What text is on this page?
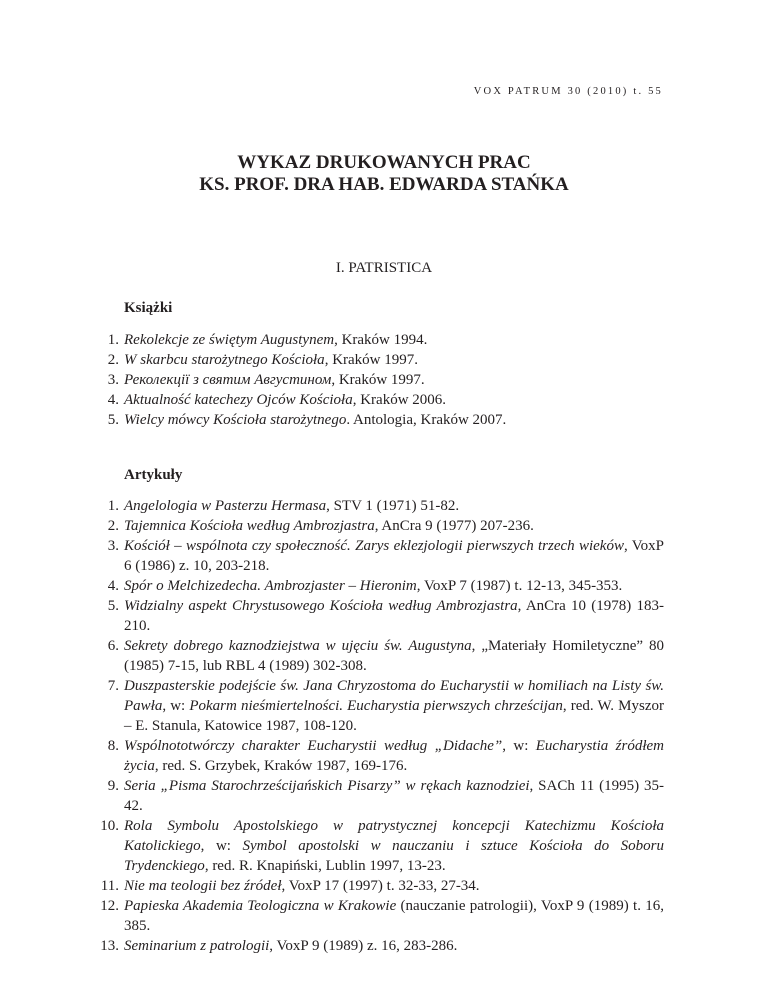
VOX PATRUM 30 (2010) t. 55
WYKAZ DRUKOWANYCH PRAC
KS. PROF. DRA HAB. EDWARDA STAŃKA
I. PATRISTICA
Książki
1. Rekolekcje ze świętym Augustynem, Kraków 1994.
2. W skarbcu starożytnego Kościoła, Kraków 1997.
3. Реколекції з святим Августином, Kraków 1997.
4. Aktualność katechezy Ojców Kościoła, Kraków 2006.
5. Wielcy mówcy Kościoła starożytnego. Antologia, Kraków 2007.
Artykuły
1. Angelologia w Pasterzu Hermasa, STV 1 (1971) 51-82.
2. Tajemnica Kościoła według Ambrozjastra, AnCra 9 (1977) 207-236.
3. Kościół – wspólnota czy społeczność. Zarys eklezjologii pierwszych trzech wieków, VoxP 6 (1986) z. 10, 203-218.
4. Spór o Melchizedecha. Ambrozjaster – Hieronim, VoxP 7 (1987) t. 12-13, 345-353.
5. Widzialny aspekt Chrystusowego Kościoła według Ambrozjastra, AnCra 10 (1978) 183-210.
6. Sekrety dobrego kaznodziejstwa w ujęciu św. Augustyna, „Materiały Homiletyczne” 80 (1985) 7-15, lub RBL 4 (1989) 302-308.
7. Duszpasterskie podejście św. Jana Chryzostoma do Eucharystii w homiliach na Listy św. Pawła, w: Pokarm nieśmiertelności. Eucharystia pierwszych chrześcijan, red. W. Myszor – E. Stanula, Katowice 1987, 108-120.
8. Wspólnototwórczy charakter Eucharystii według „Didache”, w: Eucharystia źródłem życia, red. S. Grzybek, Kraków 1987, 169-176.
9. Seria „Pisma Starochrześcijańskich Pisarzy” w rękach kaznodziei, SACh 11 (1995) 35-42.
10. Rola Symbolu Apostolskiego w patrystycznej koncepcji Katechizmu Kościoła Katolickiego, w: Symbol apostolski w nauczaniu i sztuce Kościoła do Soboru Trydenckiego, red. R. Knapiński, Lublin 1997, 13-23.
11. Nie ma teologii bez źródeł, VoxP 17 (1997) t. 32-33, 27-34.
12. Papieska Akademia Teologiczna w Krakowie (nauczanie patrologii), VoxP 9 (1989) t. 16, 385.
13. Seminarium z patrologii, VoxP 9 (1989) z. 16, 283-286.
